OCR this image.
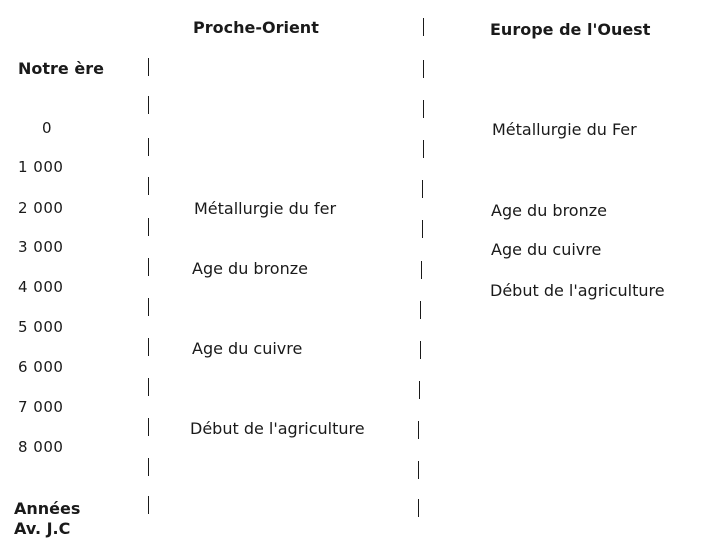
Proche-Orient	Europe de l'Ouest
Notre ère
Années
Av. J.C
0
1 000
2 000
3 000
4 000
5 000
6 000
7 000
8 000
Métallurgie du fer
Age du bronze
Age du cuivre
Début de l'agriculture
Métallurgie du Fer
Age du bronze
Age du cuivre
Début de l'agriculture
